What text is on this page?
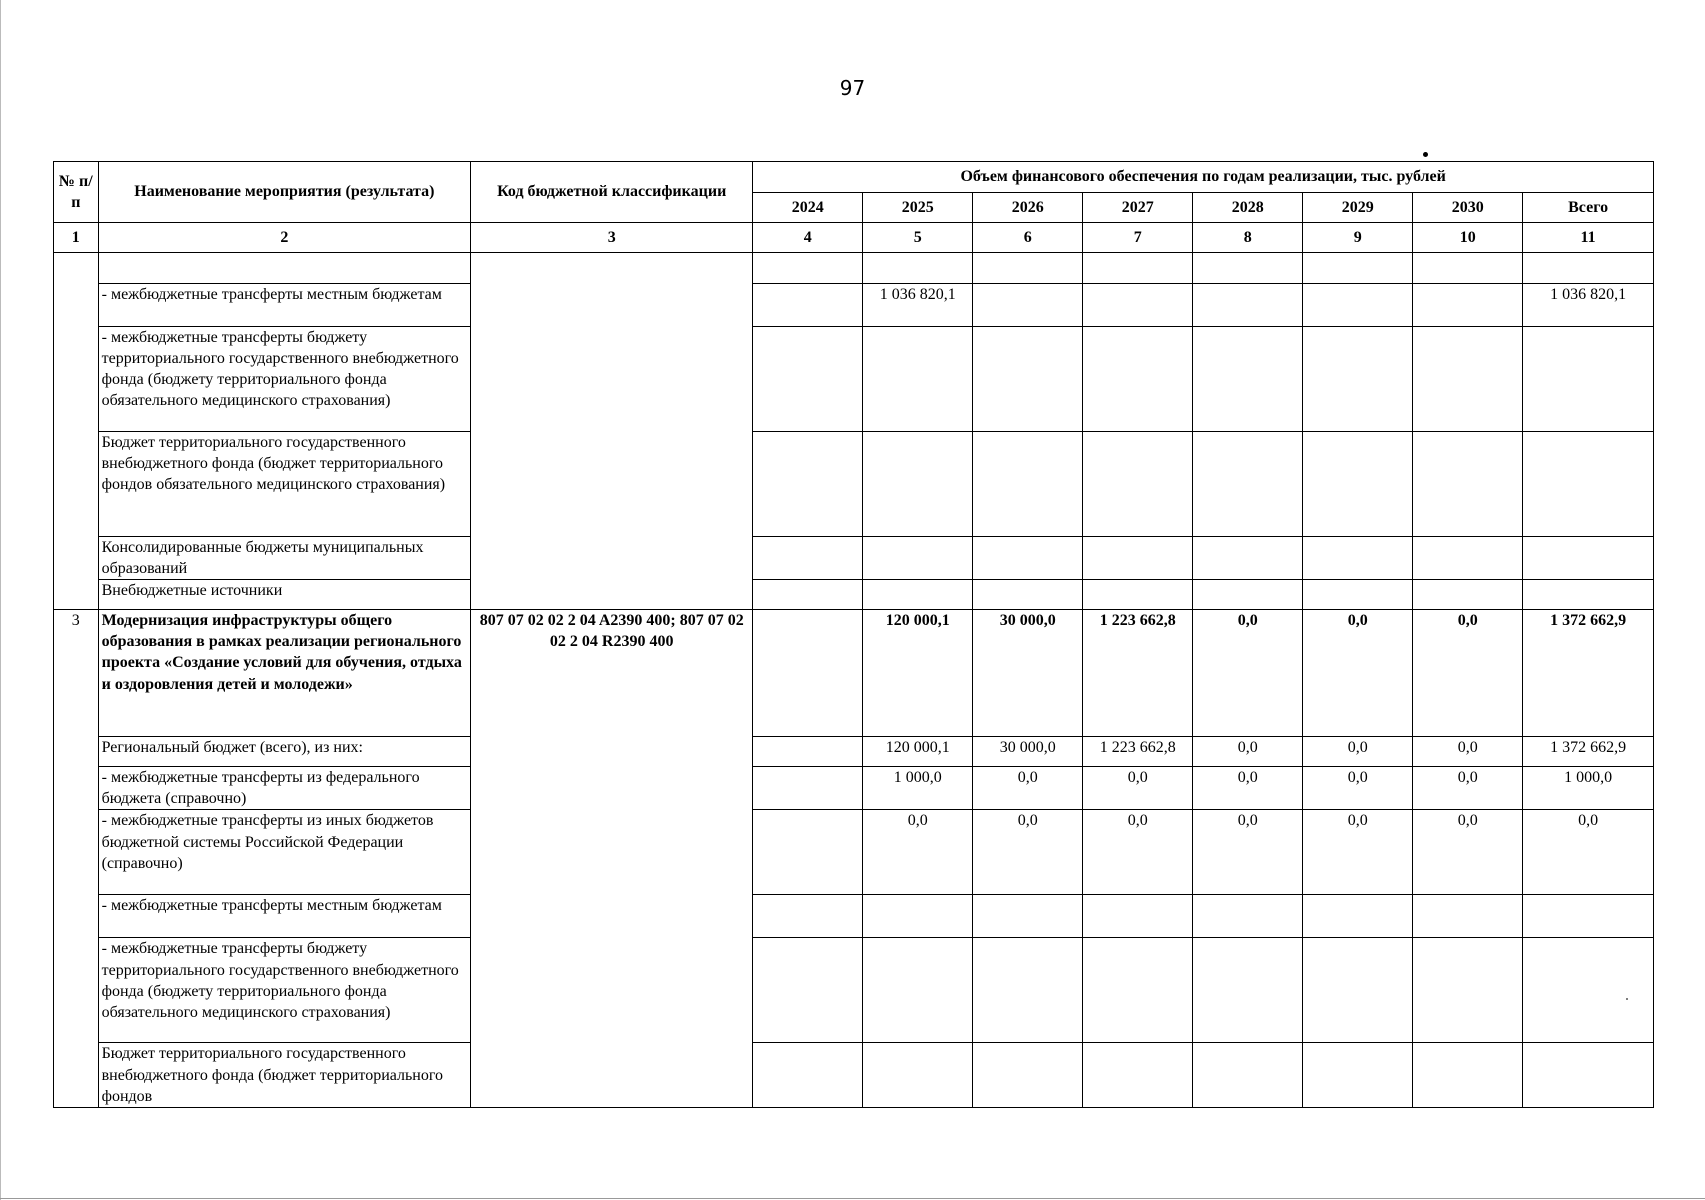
97
№ п/п	Наименование мероприятия (результата)	Код бюджетной классификации	Объем финансового обеспечения по годам реализации, тыс. рублей							
			2024	2025	2026	2027	2028	2029	2030	Всего
1	2	3	4	5	6	7	8	9	10	11

	- межбюджетные трансферты местным бюджетам			1 036 820,1						1 036 820,1
	- межбюджетные трансферты бюджету территориального государственного внебюджетного фонда (бюджету территориального фонда обязательного медицинского страхования)									
	Бюджет территориального государственного внебюджетного фонда (бюджет территориального фондов обязательного медицинского страхования)									
	Консолидированные бюджеты муниципальных образований									
	Внебюджетные источники									
3	Модернизация инфраструктуры общего образования в рамках реализации регионального проекта «Создание условий для обучения, отдыха и оздоровления детей и молодежи»	807 07 02 02 2 04 A2390 400; 807 07 02 02 2 04 R2390 400		120 000,1	30 000,0	1 223 662,8	0,0	0,0	0,0	1 372 662,9
	Региональный бюджет (всего), из них:			120 000,1	30 000,0	1 223 662,8	0,0	0,0	0,0	1 372 662,9
	- межбюджетные трансферты из федерального бюджета (справочно)			1 000,0	0,0	0,0	0,0	0,0	0,0	1 000,0
	- межбюджетные трансферты из иных бюджетов бюджетной системы Российской Федерации (справочно)			0,0	0,0	0,0	0,0	0,0	0,0	0,0
	- межбюджетные трансферты местным бюджетам									
	- межбюджетные трансферты бюджету территориального государственного внебюджетного фонда (бюджету территориального фонда обязательного медицинского страхования)									
	Бюджет территориального государственного внебюджетного фонда (бюджет территориального фондов									
